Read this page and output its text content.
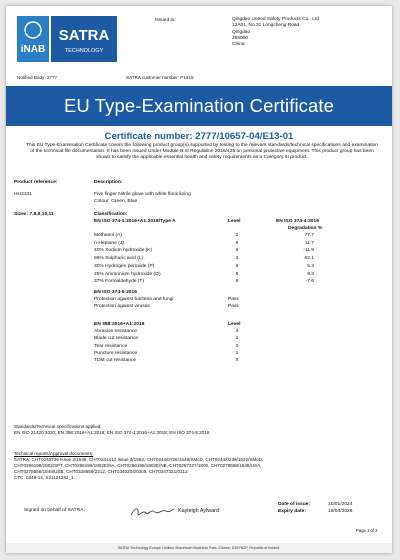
iNAB
SATRA
TECHNOLOGY
Issued to:	Qingdao Uneed Safety Products Co., Ltd
12A01, No.31 Longcheng Road
Qingdao
266000
China
Notified Body: 2777	SATRA customer number: P1615
EU Type-Examination Certificate
Certificate number: 2777/10657-04/E13-01
This EU Type-Examination Certificate covers the following product group(s) supported by testing to the relevant standards/technical specifications and examination of the technical file documentation. It has been issued Under Module B of Regulation 2016/425 on personal protective equipment. This product group has been shown to satisfy the applicable essential health and safety requirements as a Category III product.
Product reference:	Description:
HH2101	Five finger Nitrile glove with white flock lining
Colour: Green, Blue
Sizes: 7,8,9,10,11	Classification:
EN ISO 374-1:2016+A1:2018/Type A	Level	EN ISO 374-4:2019
Degradation %
Methanol (A)	2	77.7
n-Heptane (J)	6	11.7
40% Sodium hydroxide (K)	6	-11.9
96% Sulphuric acid (L)	3	62.1
30% Hydrogen peroxide (P)	6	5.3
25% Ammonium hydroxide (O)	5	9.4
37% Formaldehyde (T)	6	-7.6
EN ISO 374-5:2016
Protection against bacteria and fungi	Pass
Protection against viruses	Pass
EN 388:2016+A1:2018	Level
Abrasion resistance	4
Blade cut resistance	1
Tear resistance	0
Puncture resistance	1
TDM cut resistance	X
Standards/Technical specifications applied:
EN ISO 21420:2020; EN 388:2016+A1:2018; EN ISO 374-1:2016+A1:2018; EN ISO 374-5:2016
Technical reports/Approval documents:
SATRA: CHT0240726 Issue 2/1549, CHT0241412 Issue 3/1553, CHT0244/0726/1549/SMcD, CHT0244/0239/1622/SMcD,
CHT0266198/1802/SPT, CHT0266198/1802E/NA, CHT0266198/1802E/NB, CHT0267327/1806, CHT0278558/1848/USA,
CHT0278558/1848/USB, CHT0328559/2212, CHT0340204/0309, CHT0347321/0312
CTC: 0349-14, S21121282_1
Signed on behalf of SATRA:	Kayleigh Aylward
Date of issue:	10/01/2024
Expiry date:	19/04/2028
Page 1 of 2
SATRA Technology Europe Limited, Bracetown Business Park, Clonee, D15YN2P, Republic of Ireland.
